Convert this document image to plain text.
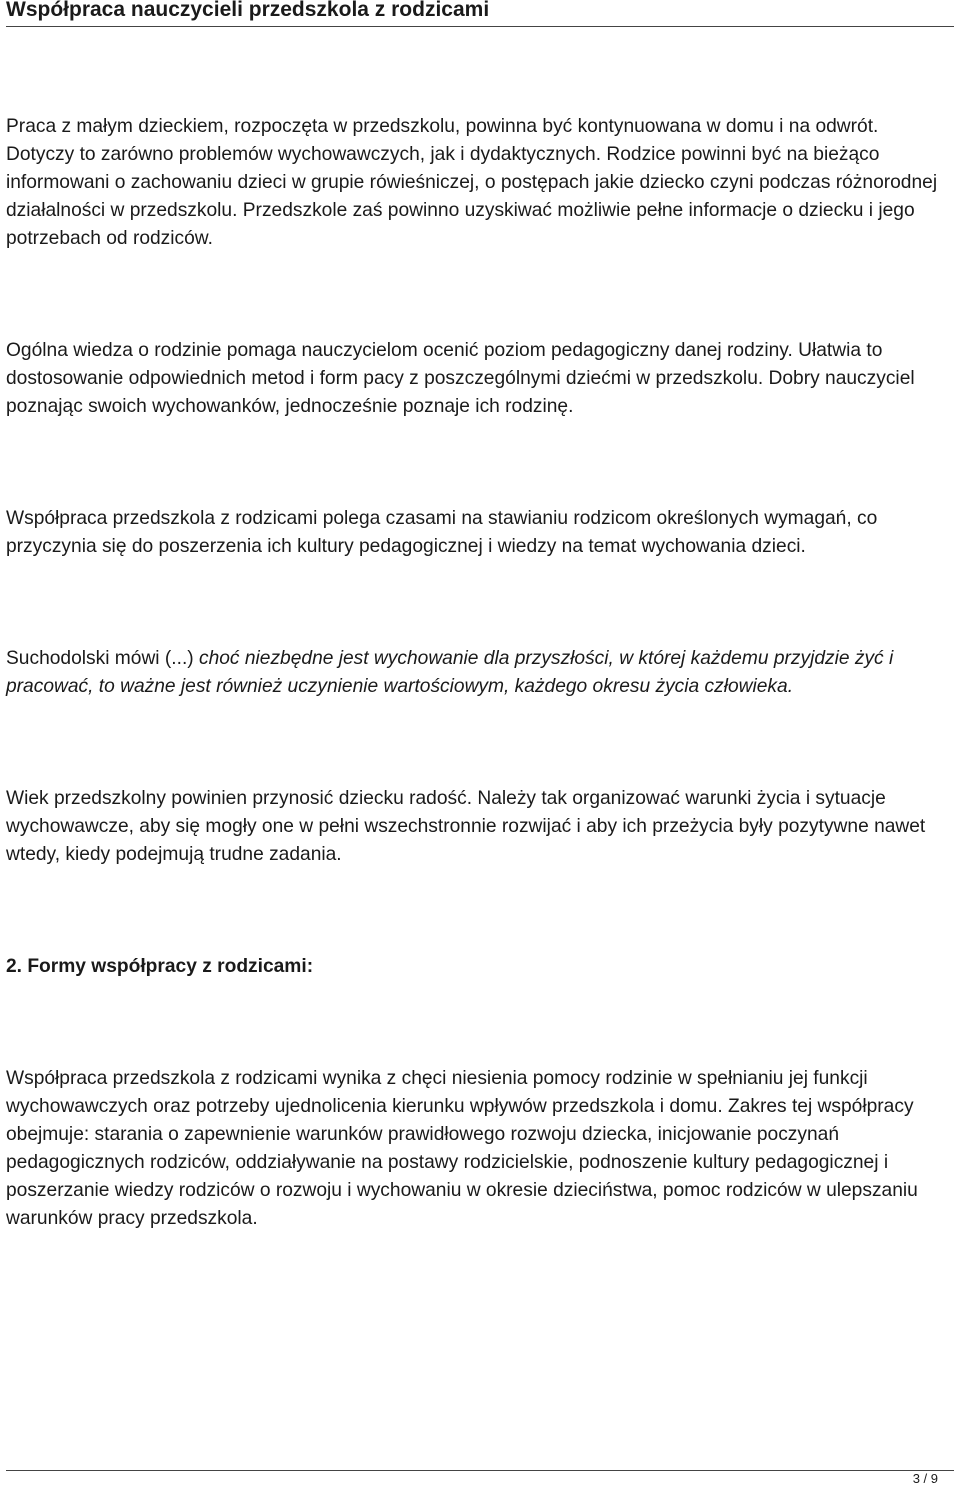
Współpraca nauczycieli przedszkola z rodzicami

Praca z małym dzieckiem, rozpoczęta w przedszkolu, powinna być kontynuowana w domu i na odwrót. Dotyczy to zarówno problemów wychowawczych, jak i dydaktycznych. Rodzice powinni być na bieżąco informowani o zachowaniu dzieci w grupie rówieśniczej, o postępach jakie dziecko czyni podczas różnorodnej działalności w przedszkolu. Przedszkole zaś powinno uzyskiwać możliwie pełne informacje o dziecku i jego potrzebach od rodziców.

Ogólna wiedza o rodzinie pomaga nauczycielom ocenić poziom pedagogiczny danej rodziny. Ułatwia to dostosowanie odpowiednich metod i form pacy z poszczególnymi dziećmi w przedszkolu. Dobry nauczyciel poznając swoich wychowanków, jednocześnie poznaje ich rodzinę.

Współpraca przedszkola z rodzicami polega czasami na stawianiu rodzicom określonych wymagań, co przyczynia się do poszerzenia ich kultury pedagogicznej i wiedzy na temat wychowania dzieci.

Suchodolski mówi (...) choć niezbędne jest wychowanie dla przyszłości, w której każdemu przyjdzie żyć i pracować, to ważne jest również uczynienie wartościowym, każdego okresu życia człowieka.

Wiek przedszkolny powinien przynosić dziecku radość. Należy tak organizować warunki życia i sytuacje wychowawcze, aby się mogły one w pełni wszechstronnie rozwijać i aby ich przeżycia były pozytywne nawet wtedy, kiedy podejmują trudne zadania.

2. Formy współpracy z rodzicami:

Współpraca przedszkola z rodzicami wynika z chęci niesienia pomocy rodzinie w spełnianiu jej funkcji wychowawczych oraz potrzeby ujednolicenia kierunku wpływów przedszkola i domu. Zakres tej współpracy obejmuje: starania o zapewnienie warunków prawidłowego rozwoju dziecka, inicjowanie poczynań pedagogicznych rodziców, oddziaływanie na postawy rodzicielskie, podnoszenie kultury pedagogicznej i poszerzanie wiedzy rodziców o rozwoju i wychowaniu w okresie dzieciństwa, pomoc rodziców w ulepszaniu warunków pracy przedszkola.

3 / 9
